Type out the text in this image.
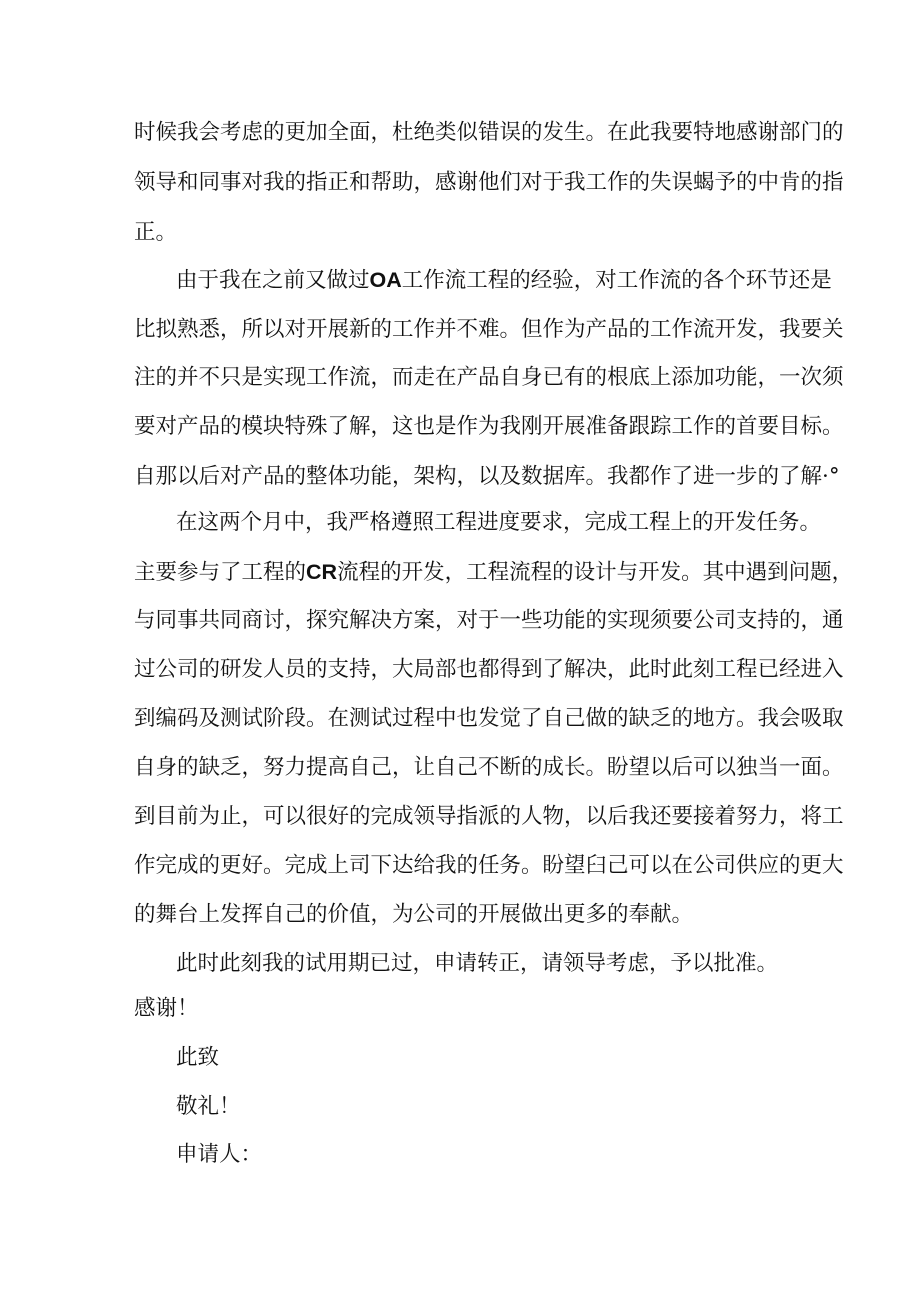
时候我会考虑的更加全面，杜绝类似错误的发生。在此我要特地感谢部门的
领导和同事对我的指正和帮助，感谢他们对于我工作的失误蝎予的中肯的指
正。
由于我在之前又做过OA工作流工程的经验，对工作流的各个环节还是
比拟熟悉，所以对开展新的工作并不难。但作为产品的工作流开发，我要关
注的并不只是实现工作流，而走在产品自身已有的根底上添加功能，一次须
要对产品的模块特殊了解，这也是作为我刚开展准备跟踪工作的首要目标。
自那以后对产品的整体功能，架构，以及数据库。我都作了进一步的了解·°
在这两个月中，我严格遵照工程进度要求，完成工程上的开发任务。
主要参与了工程的CR流程的开发，工程流程的设计与开发。其中遇到问题，
与同事共同商讨，探究解决方案，对于一些功能的实现须要公司支持的，通
过公司的研发人员的支持，大局部也都得到了解决，此时此刻工程已经进入
到编码及测试阶段。在测试过程中也发觉了自己做的缺乏的地方。我会吸取
自身的缺乏，努力提高自己，让自己不断的成长。盼望以后可以独当一面。
到目前为止，可以很好的完成领导指派的人物，以后我还要接着努力，将工
作完成的更好。完成上司下达给我的任务。盼望臼己可以在公司供应的更大
的舞台上发挥自己的价值，为公司的开展做出更多的奉献。
此时此刻我的试用期已过，申请转正，请领导考虑，予以批准。
感谢！
此致
敬礼！
申请人：
